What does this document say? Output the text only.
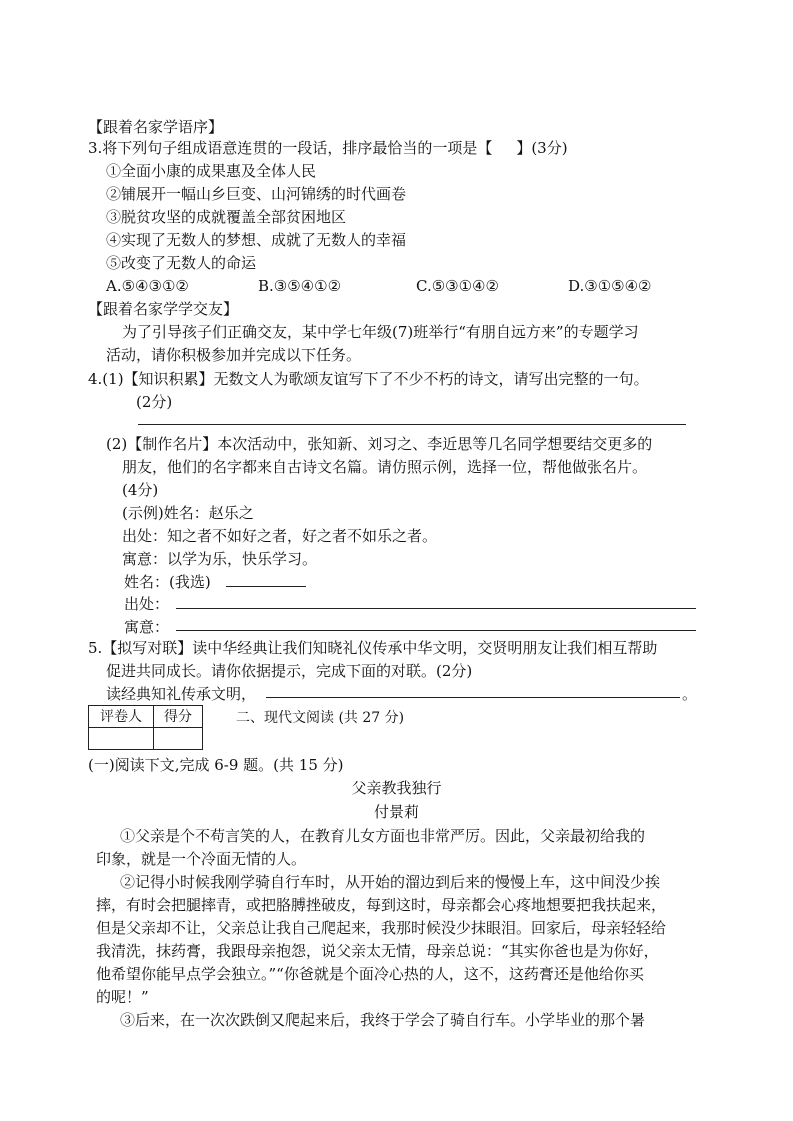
【跟着名家学语序】
3.将下列句子组成语意连贯的一段话，排序最恰当的一项是【 】(3分)
①全面小康的成果惠及全体人民
②铺展开一幅山乡巨变、山河锦绣的时代画卷
③脱贫攻坚的成就覆盖全部贫困地区
④实现了无数人的梦想、成就了无数人的幸福
⑤改变了无数人的命运
A.⑤④③①②	B.③⑤④①②	C.⑤③①④②	D.③①⑤④②
【跟着名家学学交友】
为了引导孩子们正确交友，某中学七年级(7)班举行“有朋自远方来”的专题学习
活动，请你积极参加并完成以下任务。
4.(1)【知识积累】无数文人为歌颂友谊写下了不少不朽的诗文，请写出完整的一句。
(2分)
(2)【制作名片】本次活动中，张知新、刘习之、李近思等几名同学想要结交更多的
朋友，他们的名字都来自古诗文名篇。请仿照示例，选择一位，帮他做张名片。
(4分)
(示例)姓名：赵乐之
出处：知之者不如好之者，好之者不如乐之者。
寓意：以学为乐，快乐学习。
姓名：(我选)
出处：
寓意：
5.【拟写对联】读中华经典让我们知晓礼仪传承中华文明，交贤明朋友让我们相互帮助
促进共同成长。请你依据提示，完成下面的对联。(2分)
读经典知礼传承文明，	。
评卷人	得分
		二、现代文阅读 (共 27 分)
(一)阅读下文,完成 6-9 题。(共 15 分)
父亲教我独行
付景莉
①父亲是个不苟言笑的人，在教育儿女方面也非常严厉。因此，父亲最初给我的
印象，就是一个冷面无情的人。
②记得小时候我刚学骑自行车时，从开始的溜边到后来的慢慢上车，这中间没少挨
摔，有时会把腿摔青，或把胳膊挫破皮，每到这时，母亲都会心疼地想要把我扶起来，
但是父亲却不让，父亲总让我自己爬起来，我那时候没少抹眼泪。回家后，母亲轻轻给
我清洗，抹药膏，我跟母亲抱怨，说父亲太无情，母亲总说：“其实你爸也是为你好，
他希望你能早点学会独立。”“你爸就是个面冷心热的人，这不，这药膏还是他给你买
的呢！”
③后来，在一次次跌倒又爬起来后，我终于学会了骑自行车。小学毕业的那个暑
